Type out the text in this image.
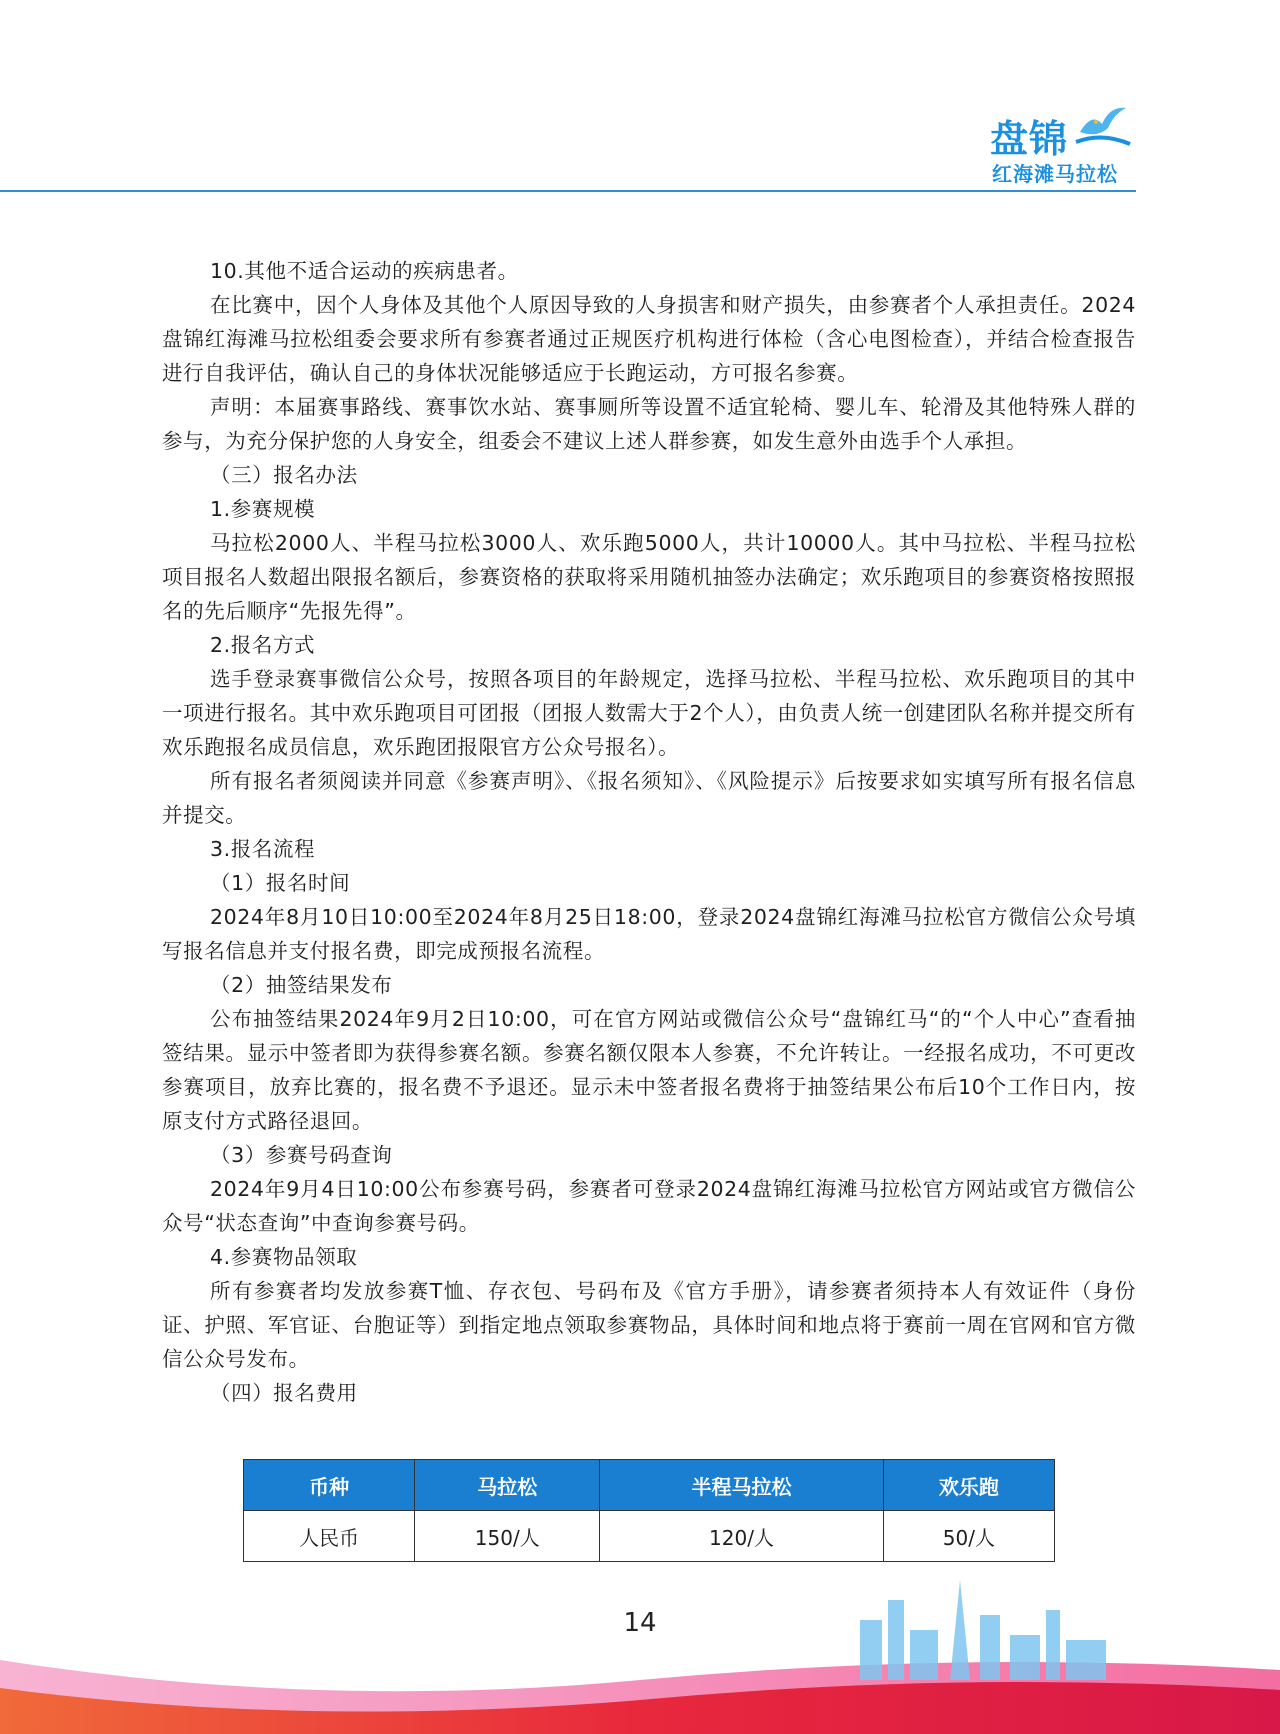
盘锦
红海滩马拉松

10.其他不适合运动的疾病患者。

在比赛中，因个人身体及其他个人原因导致的人身损害和财产损失，由参赛者个人承担责任。2024盘锦红海滩马拉松组委会要求所有参赛者通过正规医疗机构进行体检（含心电图检查），并结合检查报告进行自我评估，确认自己的身体状况能够适应于长跑运动，方可报名参赛。

声明：本届赛事路线、赛事饮水站、赛事厕所等设置不适宜轮椅、婴儿车、轮滑及其他特殊人群的参与，为充分保护您的人身安全，组委会不建议上述人群参赛，如发生意外由选手个人承担。

（三）报名办法

1.参赛规模

马拉松2000人、半程马拉松3000人、欢乐跑5000人，共计10000人。其中马拉松、半程马拉松项目报名人数超出限报名额后，参赛资格的获取将采用随机抽签办法确定；欢乐跑项目的参赛资格按照报名的先后顺序“先报先得”。

2.报名方式

选手登录赛事微信公众号，按照各项目的年龄规定，选择马拉松、半程马拉松、欢乐跑项目的其中一项进行报名。其中欢乐跑项目可团报（团报人数需大于2个人），由负责人统一创建团队名称并提交所有欢乐跑报名成员信息，欢乐跑团报限官方公众号报名）。

所有报名者须阅读并同意《参赛声明》、《报名须知》、《风险提示》后按要求如实填写所有报名信息并提交。

3.报名流程

（1）报名时间

2024年8月10日10:00至2024年8月25日18:00，登录2024盘锦红海滩马拉松官方微信公众号填写报名信息并支付报名费，即完成预报名流程。

（2）抽签结果发布

公布抽签结果2024年9月2日10:00，可在官方网站或微信公众号“盘锦红马“的“个人中心”查看抽签结果。显示中签者即为获得参赛名额。参赛名额仅限本人参赛，不允许转让。一经报名成功，不可更改参赛项目，放弃比赛的，报名费不予退还。显示未中签者报名费将于抽签结果公布后10个工作日内，按原支付方式路径退回。

（3）参赛号码查询

2024年9月4日10:00公布参赛号码，参赛者可登录2024盘锦红海滩马拉松官方网站或官方微信公众号“状态查询”中查询参赛号码。

4.参赛物品领取

所有参赛者均发放参赛T恤、存衣包、号码布及《官方手册》，请参赛者须持本人有效证件（身份证、护照、军官证、台胞证等）到指定地点领取参赛物品，具体时间和地点将于赛前一周在官网和官方微信公众号发布。

（四）报名费用

币种	马拉松	半程马拉松	欢乐跑
人民币	150/人	120/人	50/人
14
